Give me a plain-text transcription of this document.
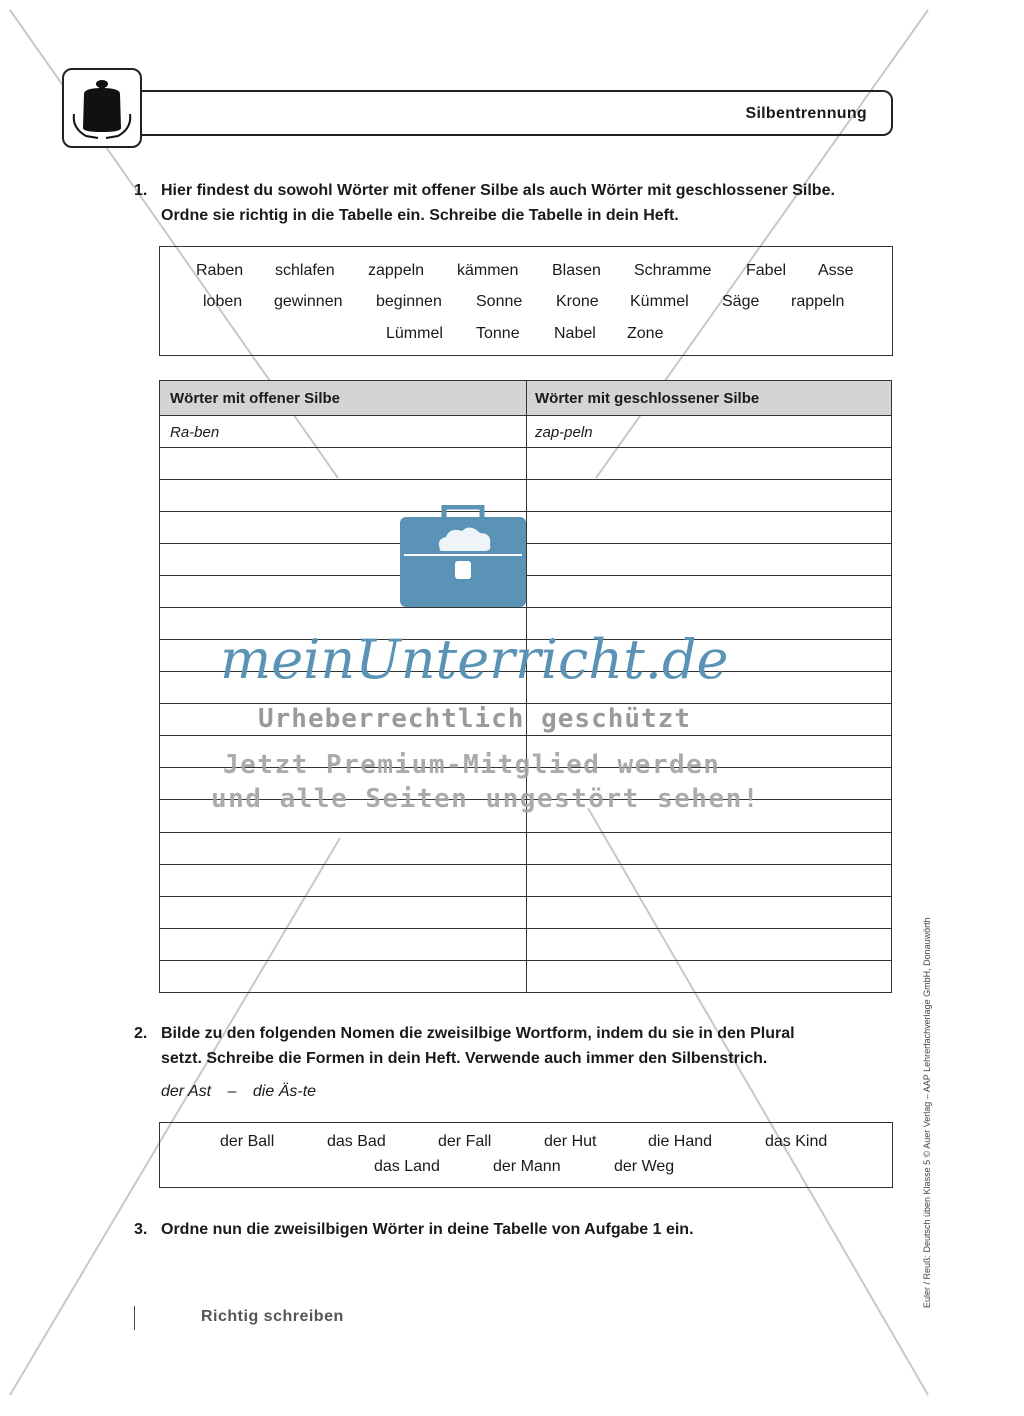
Silbentrennung
1. Hier findest du sowohl Wörter mit offener Silbe als auch Wörter mit geschlossener Silbe.
Ordne sie richtig in die Tabelle ein. Schreibe die Tabelle in dein Heft.
Raben schlafen zappeln kämmen Blasen Schramme Fabel Asse
loben gewinnen beginnen Sonne Krone Kümmel Säge rappeln
Lümmel Tonne Nabel Zone
Wörter mit offener Silbe	Wörter mit geschlossener Silbe
Ra-ben	zap-peln
meinUnterricht.de
Urheberrechtlich geschützt
Jetzt Premium-Mitglied werden
und alle Seiten ungestört sehen!
2. Bilde zu den folgenden Nomen die zweisilbige Wortform, indem du sie in den Plural
setzt. Schreibe die Formen in dein Heft. Verwende auch immer den Silbenstrich.
der Ast – die Äs-te
der Ball	das Bad	der Fall	der Hut	die Hand	das Kind
das Land	der Mann	der Weg
3. Ordne nun die zweisilbigen Wörter in deine Tabelle von Aufgabe 1 ein.	Euler / Reuß: Deutsch üben Klasse 5 © Auer Verlag – AAP Lehrerfachverlage GmbH, Donauwörth
Richtig schreiben
